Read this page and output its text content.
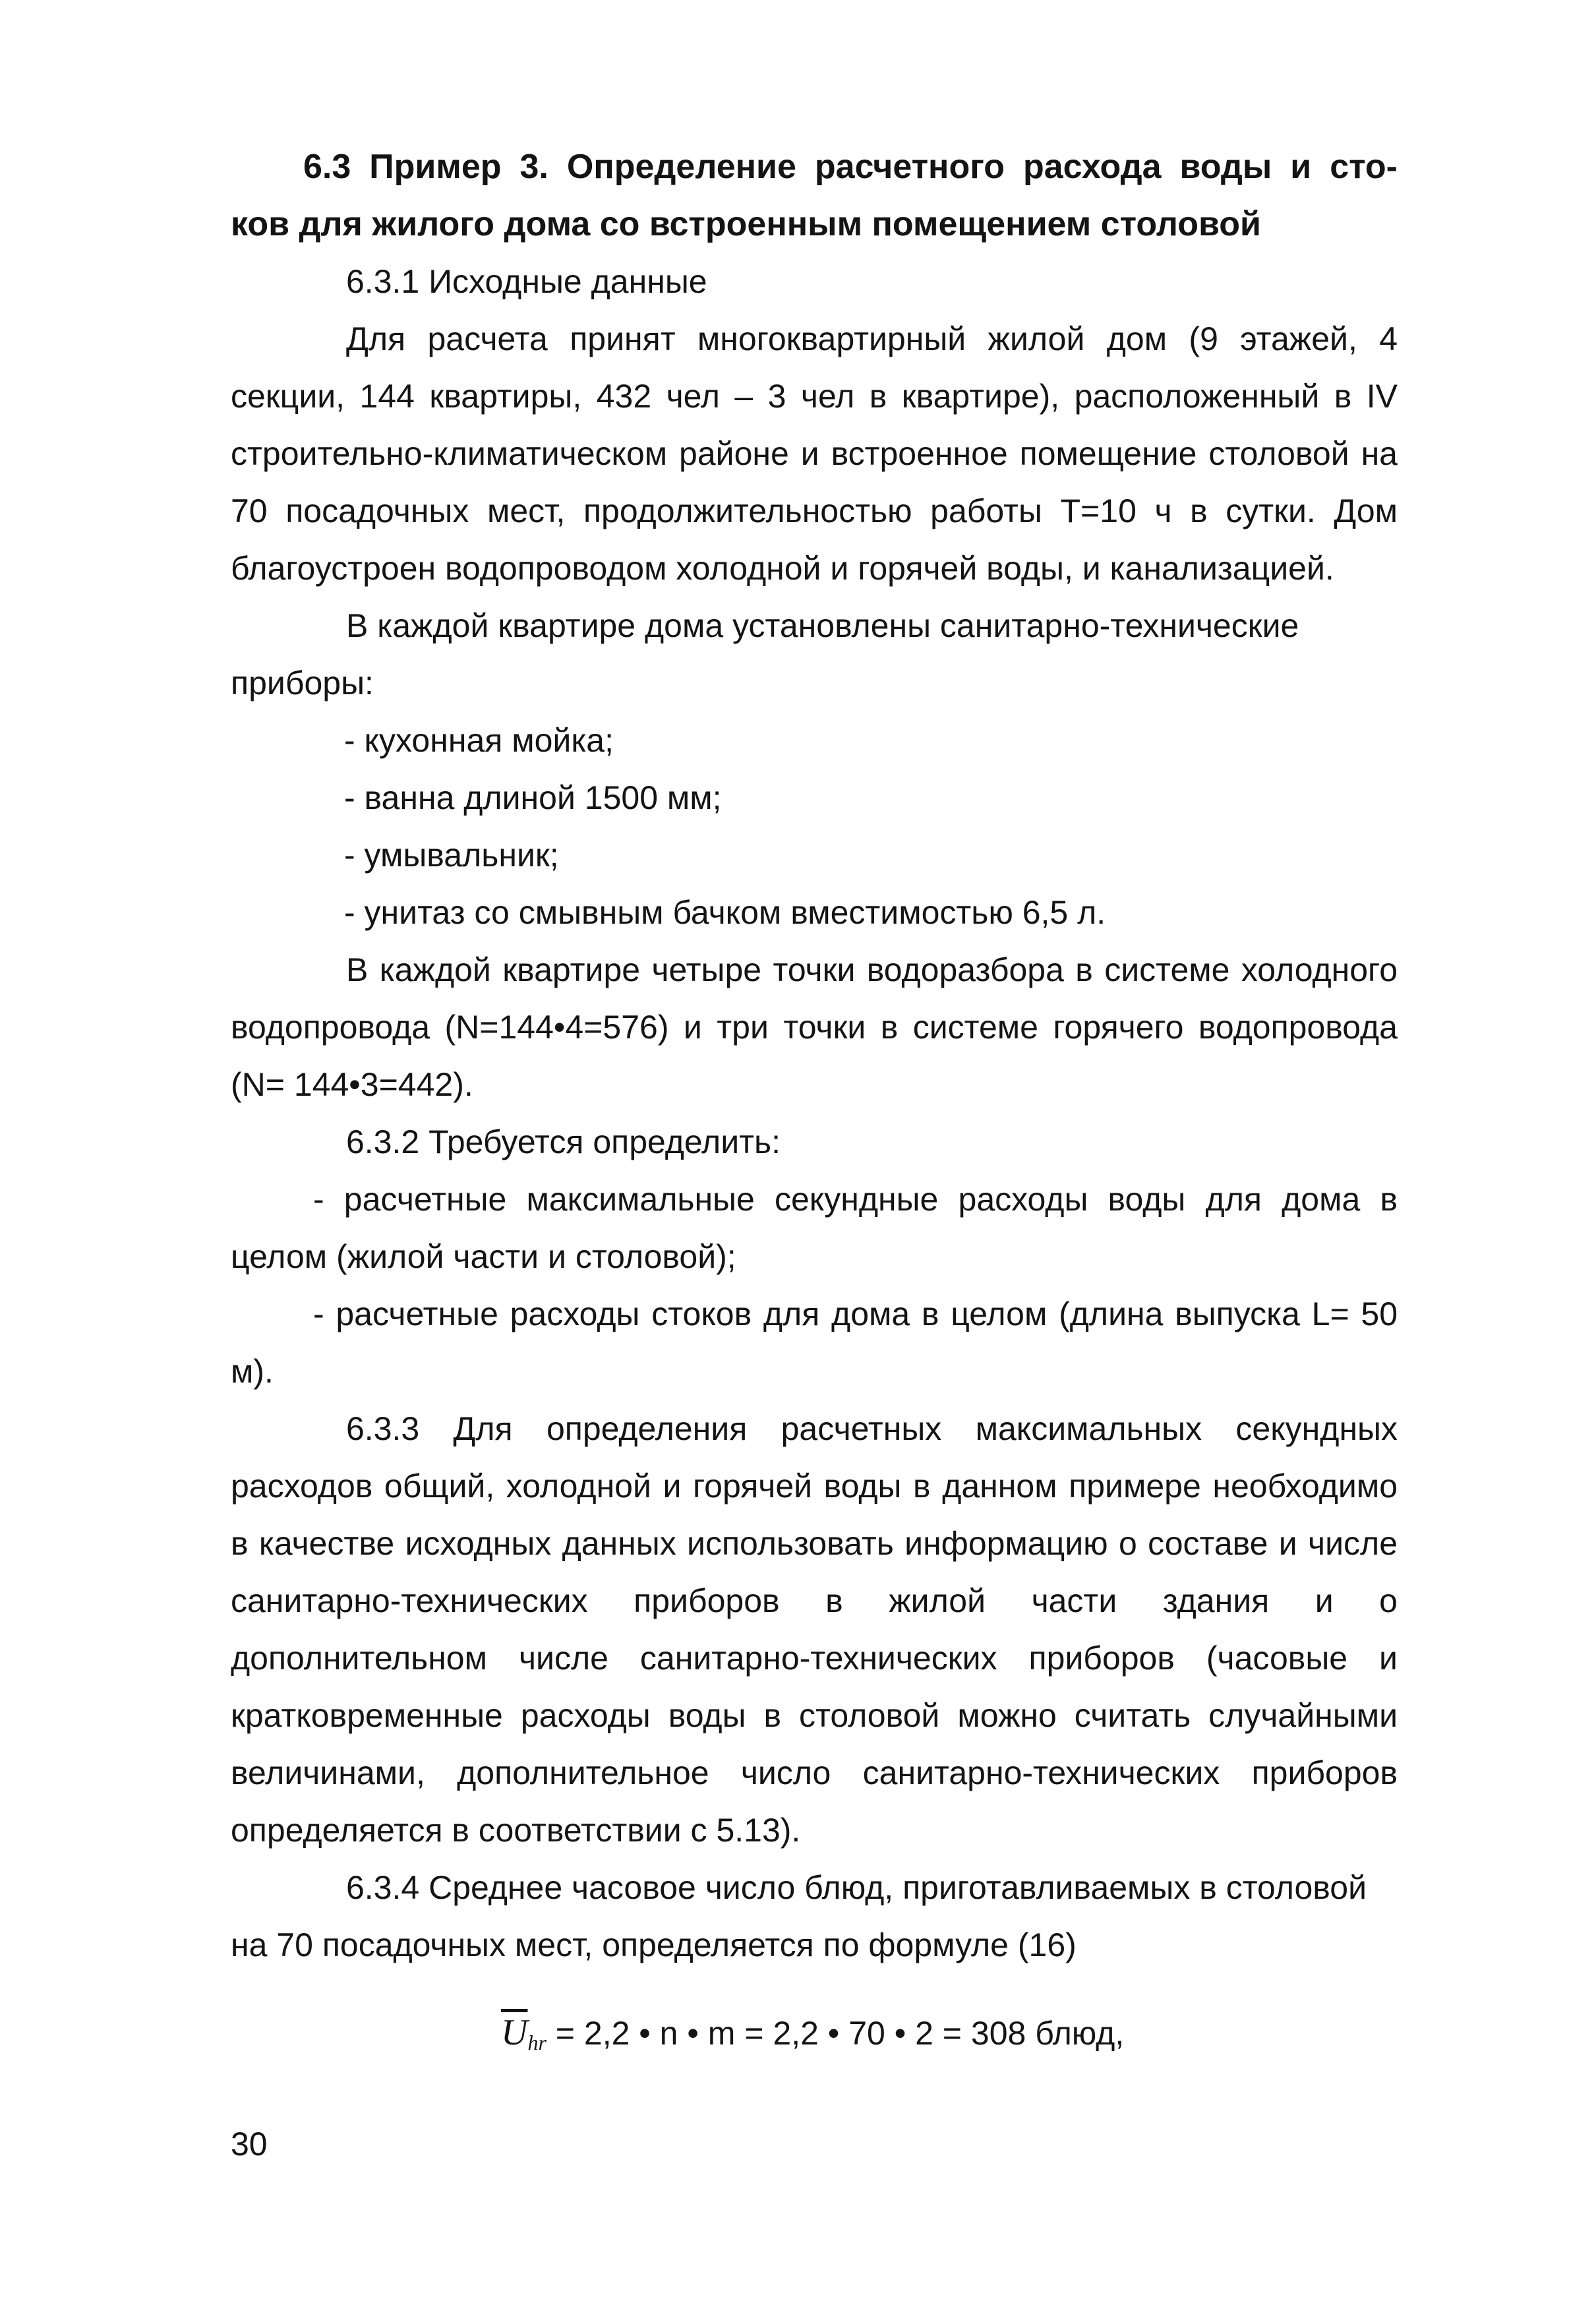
6.3 Пример 3. Определение расчетного расхода воды и сто-
ков для жилого дома со встроенным помещением столовой

6.3.1 Исходные данные

Для расчета принят многоквартирный жилой дом (9 этажей, 4 секции, 144 квартиры, 432 чел – 3 чел в квартире), расположенный в IV строительно-климатическом районе и встроенное помещение столовой на 70 посадочных мест, продолжительностью работы T=10 ч в сутки. Дом благоустроен водопроводом холодной и горячей воды, и канализацией.

В каждой квартире дома установлены санитарно-технические приборы:

- кухонная мойка;

- ванна длиной 1500 мм;

- умывальник;

- унитаз со смывным бачком вместимостью 6,5 л.

В каждой квартире четыре точки водоразбора в системе холодного водопровода (N=144•4=576) и три точки в системе горячего водопровода (N= 144•3=442).

6.3.2 Требуется определить:

- расчетные максимальные секундные расходы воды для дома в целом (жилой части и столовой);

- расчетные расходы стоков для дома в целом (длина выпуска L= 50 м).

6.3.3 Для определения расчетных максимальных секундных расходов общий, холодной и горячей воды в данном примере необходимо в качестве исходных данных использовать информацию о составе и числе санитарно-технических приборов в жилой части здания и о дополнительном числе санитарно-технических приборов (часовые и кратковременные расходы воды в столовой можно считать случайными величинами, дополнительное число санитарно-технических приборов определяется в соответствии с 5.13).

6.3.4 Среднее часовое число блюд, приготавливаемых в столовой на 70 посадочных мест, определяется по формуле (16)

$\overline{U}hr = 2,2$ • n • m = 2,2 • 70 • 2 = 308 блюд,
30
